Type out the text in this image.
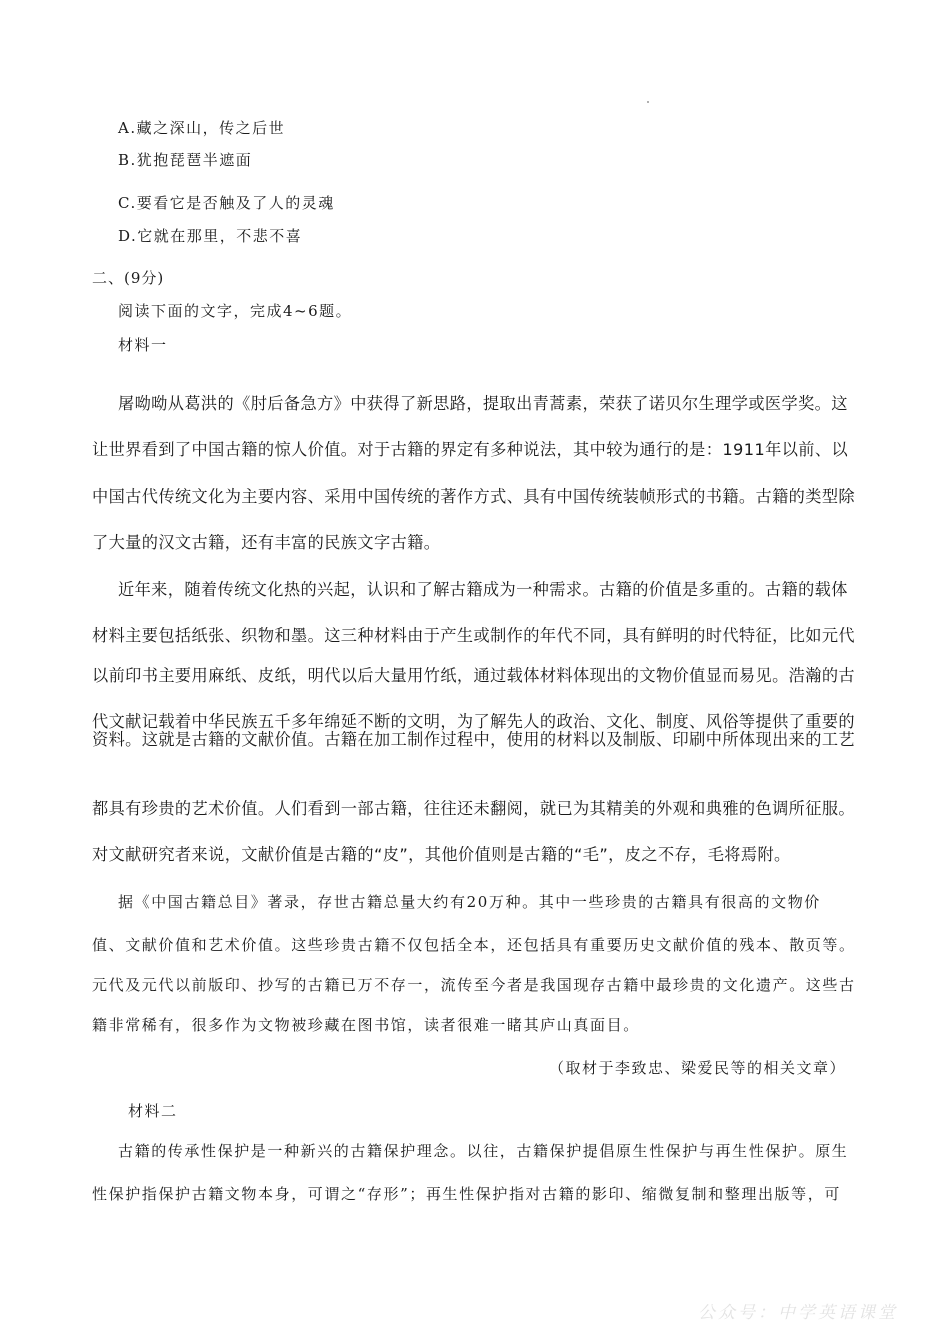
A.藏之深山，传之后世
B.犹抱琵琶半遮面
C.要看它是否触及了人的灵魂
D.它就在那里，不悲不喜
二、(9分)
阅读下面的文字，完成4~6题。
材料一
屠呦呦从葛洪的《肘后备急方》中获得了新思路，提取出青蒿素，荣获了诺贝尔生理学或医学奖。这
让世界看到了中国古籍的惊人价值。对于古籍的界定有多种说法，其中较为通行的是：1911年以前、以
中国古代传统文化为主要内容、采用中国传统的著作方式、具有中国传统装帧形式的书籍。古籍的类型除
了大量的汉文古籍，还有丰富的民族文字古籍。
近年来，随着传统文化热的兴起，认识和了解古籍成为一种需求。古籍的价值是多重的。古籍的载体
材料主要包括纸张、织物和墨。这三种材料由于产生或制作的年代不同，具有鲜明的时代特征，比如元代
以前印书主要用麻纸、皮纸，明代以后大量用竹纸，通过载体材料体现出的文物价值显而易见。浩瀚的古
代文献记载着中华民族五千多年绵延不断的文明，为了解先人的政治、文化、制度、风俗等提供了重要的
资料。这就是古籍的文献价值。古籍在加工制作过程中，使用的材料以及制版、印刷中所体现出来的工艺
都具有珍贵的艺术价值。人们看到一部古籍，往往还未翻阅，就已为其精美的外观和典雅的色调所征服。
对文献研究者来说，文献价值是古籍的“皮”，其他价值则是古籍的“毛”，皮之不存，毛将焉附。
据《中国古籍总目》著录，存世古籍总量大约有20万种。其中一些珍贵的古籍具有很高的文物价
值、文献价值和艺术价值。这些珍贵古籍不仅包括全本，还包括具有重要历史文献价值的残本、散页等。
元代及元代以前版印、抄写的古籍已万不存一，流传至今者是我国现存古籍中最珍贵的文化遗产。这些古
籍非常稀有，很多作为文物被珍藏在图书馆，读者很难一睹其庐山真面目。
（取材于李致忠、梁爱民等的相关文章）
材料二
古籍的传承性保护是一种新兴的古籍保护理念。以往，古籍保护提倡原生性保护与再生性保护。原生
性保护指保护古籍文物本身，可谓之“存形”；再生性保护指对古籍的影印、缩微复制和整理出版等，可
公众号：中学英语课堂
